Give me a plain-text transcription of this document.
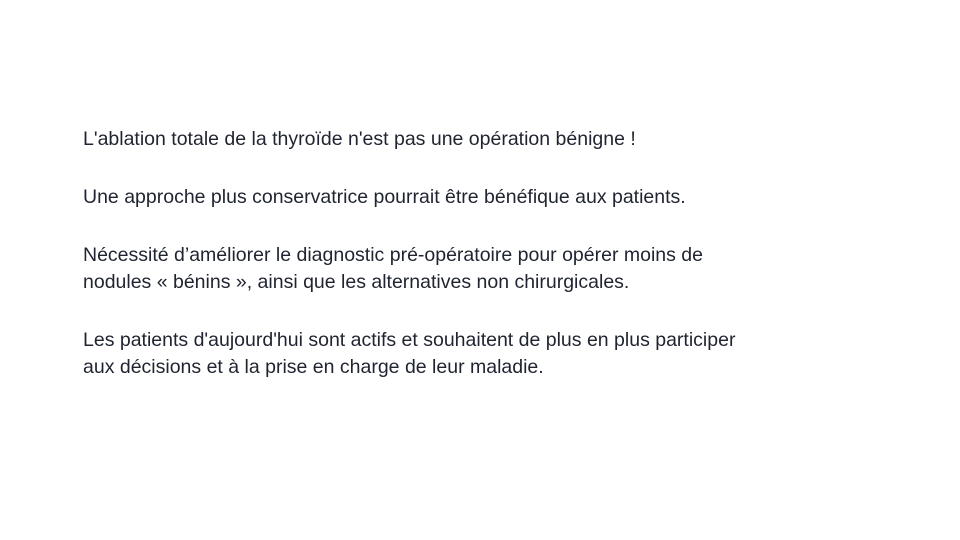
L'ablation totale de la thyroïde n'est pas une opération bénigne !

Une approche plus conservatrice pourrait être bénéfique aux patients.

Nécessité d’améliorer le diagnostic pré-opératoire pour opérer moins de
nodules « bénins », ainsi que les alternatives non chirurgicales.

Les patients d'aujourd'hui sont actifs et souhaitent de plus en plus participer
aux décisions et à la prise en charge de leur maladie.
